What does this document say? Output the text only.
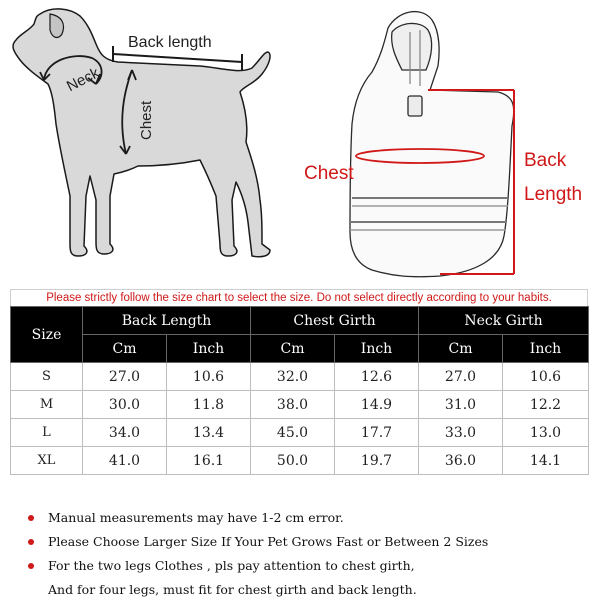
Back length
Neck
Chest
Chest
Back
Length
Please strictly follow the size chart to select the size. Do not select directly according to your habits.
Size	Back Length		Chest Girth		Neck Girth	
	Cm	Inch	Cm	Inch	Cm	Inch
S	27.0	10.6	32.0	12.6	27.0	10.6
M	30.0	11.8	38.0	14.9	31.0	12.2
L	34.0	13.4	45.0	17.7	33.0	13.0
XL	41.0	16.1	50.0	19.7	36.0	14.1
Manual measurements may have 1-2 cm error.
Please Choose Larger Size If Your Pet Grows Fast or Between 2 Sizes
For the two legs Clothes , pls pay attention to chest girth,
And for four legs, must fit for chest girth and back length.
